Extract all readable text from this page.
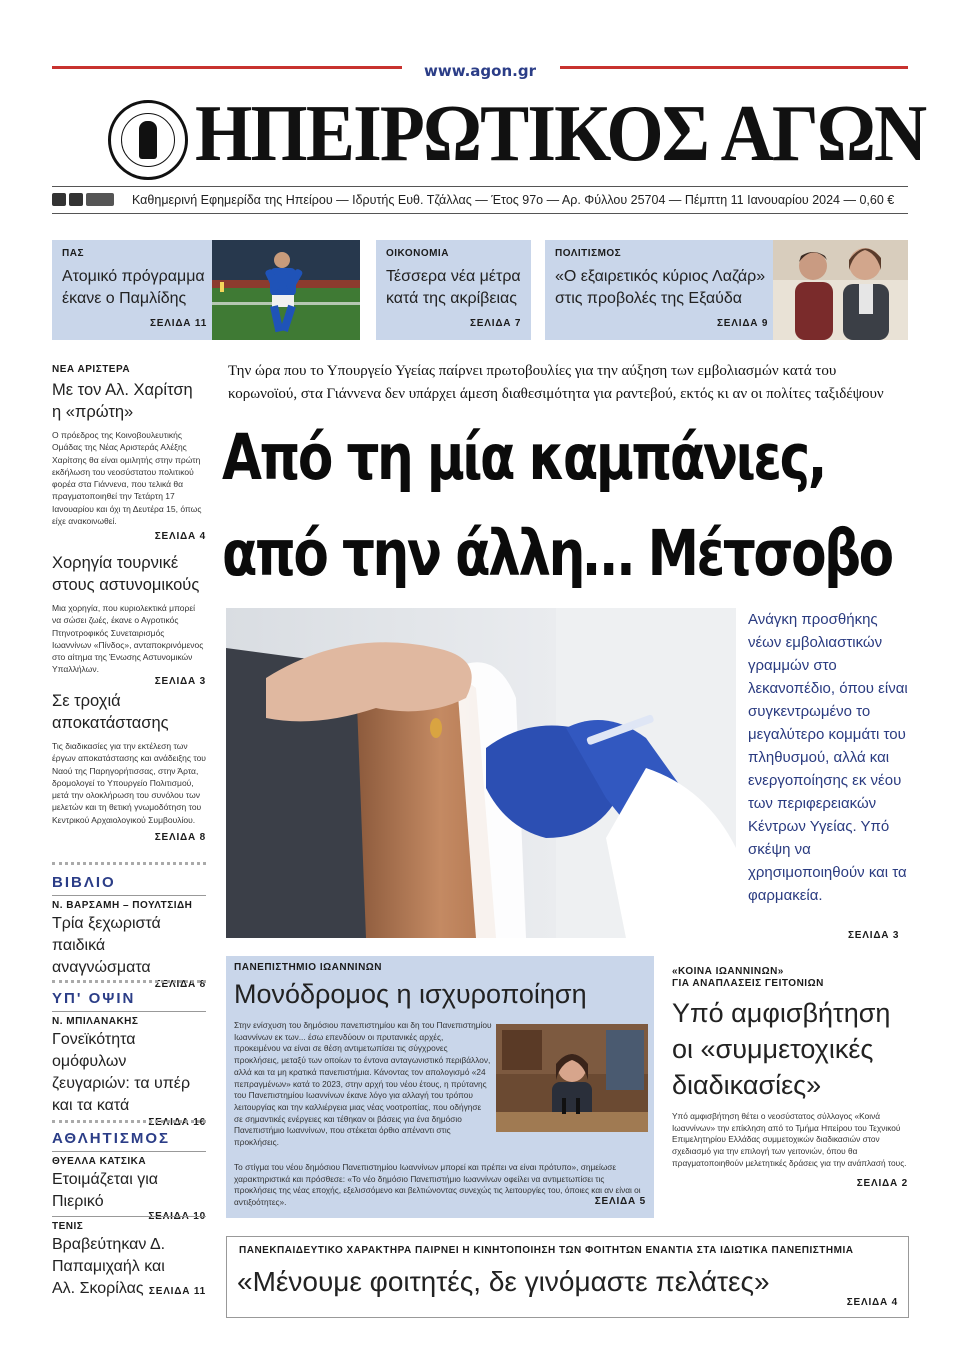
www.agon.gr
ΗΠΕΙΡΩΤΙΚΟΣ ΑΓΩΝ
Καθημερινή Εφημερίδα της Ηπείρου — Ιδρυτής Ευθ. Τζάλλας — Έτος 97ο — Αρ. Φύλλου 25704 — Πέμπτη 11 Ιανουαρίου 2024 — 0,60 €
ΠΑΣ
Ατομικό πρόγραμμα έκανε ο Παμλίδης
ΣΕΛΙΔΑ 11
ΟΙΚΟΝΟΜΙΑ
Τέσσερα νέα μέτρα κατά της ακρίβειας
ΣΕΛΙΔΑ 7
ΠΟΛΙΤΙΣΜΟΣ
«Ο εξαιρετικός κύριος Λαζάρ» στις προβολές της Εξαύδα
ΣΕΛΙΔΑ 9
ΝΕΑ ΑΡΙΣΤΕΡΑ
Με τον Αλ. Χαρίτση η «πρώτη»
Ο πρόεδρος της Κοινοβουλευτικής Ομάδας της Νέας Αριστεράς Αλέξης Χαρίτσης θα είναι ομιλητής στην πρώτη εκδήλωση του νεοσύστατου πολιτικού φορέα στα Γιάννενα, που τελικά θα πραγματοποιηθεί την Τετάρτη 17 Ιανουαρίου και όχι τη Δευτέρα 15, όπως είχε ανακοινωθεί.
ΣΕΛΙΔΑ 4
Χορηγία τουρνικέ στους αστυνομικούς
Μια χορηγία, που κυριολεκτικά μπορεί να σώσει ζωές, έκανε ο Αγροτικός Πτηνοτροφικός Συνεταιρισμός Ιωαννίνων «Πίνδος», ανταποκρινόμενος στο αίτημα της Ένωσης Αστυνομικών Υπαλλήλων.
ΣΕΛΙΔΑ 3
Σε τροχιά αποκατάστασης
Τις διαδικασίες για την εκτέλεση των έργων αποκατάστασης και ανάδειξης του Ναού της Παρηγορήτισσας, στην Άρτα, δρομολογεί το Υπουργείο Πολιτισμού, μετά την ολοκλήρωση του συνόλου των μελετών και τη θετική γνωμοδότηση του Κεντρικού Αρχαιολογικού Συμβουλίου.
ΣΕΛΙΔΑ 8
ΒΙΒΛΙΟ
Ν. ΒΑΡΣΑΜΗ – ΠΟΥΛΤΣΙΔΗ
Τρία ξεχωριστά παιδικά αναγνώσματα
ΣΕΛΙΔΑ 8
ΥΠ' ΟΨΙΝ
Ν. ΜΠΙΛΑΝΑΚΗΣ
Γονεϊκότητα ομόφυλων ζευγαριών: τα υπέρ και τα κατά
ΣΕΛΙΔΑ 16
ΑΘΛΗΤΙΣΜΟΣ
ΘΥΕΛΛΑ ΚΑΤΣΙΚΑ
Ετοιμάζεται για Πιερικό
ΣΕΛΙΔΑ 10
ΤΕΝΙΣ
Βραβεύτηκαν Δ. Παπαμιχαήλ και Αλ. Σκορίλας ΣΕΛΙΔΑ 11
Την ώρα που το Υπουργείο Υγείας παίρνει πρωτοβουλίες για την αύξηση των εμβολιασμών κατά του κορωνοϊού, στα Γιάννενα δεν υπάρχει άμεση διαθεσιμότητα για ραντεβού, εκτός κι αν οι πολίτες ταξιδέψουν
Από τη μία καμπάνιες,
από την άλλη… Μέτσοβο
Ανάγκη προσθήκης νέων εμβολιαστικών γραμμών στο λεκανοπέδιο, όπου είναι συγκεντρωμένο το μεγαλύτερο κομμάτι του πληθυσμού, αλλά και ενεργοποίησης εκ νέου των περιφερειακών Κέντρων Υγείας. Υπό σκέψη να χρησιμοποιηθούν και τα φαρμακεία.
ΣΕΛΙΔΑ 3
ΠΑΝΕΠΙΣΤΗΜΙΟ ΙΩΑΝΝΙΝΩΝ
Μονόδρομος η ισχυροποίηση
Στην ενίσχυση του δημόσιου πανεπιστημίου και δη του Πανεπιστημίου Ιωαννίνων εκ των... έσω επενδύουν οι πρυτανικές αρχές, προκειμένου να είναι σε θέση αντιμετωπίσει τις σύγχρονες προκλήσεις, μεταξύ των οποίων το έντονα ανταγωνιστικό περιβάλλον, αλλά και τα μη κρατικά πανεπιστήμια. Κάνοντας τον απολογισμό «24 πεπραγμένων» κατά το 2023, στην αρχή του νέου έτους, η πρύτανης του Πανεπιστημίου Ιωαννίνων έκανε λόγο για αλλαγή του τρόπου λειτουργίας και την καλλιέργεια μιας νέας νοοτροπίας, που οδήγησε σε σημαντικές ενέργειες και τέθηκαν οι βάσεις για ένα δημόσιο Πανεπιστήμιο Ιωαννίνων, που στέκεται όρθιο απέναντι στις προκλήσεις.
Το στίγμα του νέου δημόσιου Πανεπιστημίου Ιωαννίνων μπορεί και πρέπει να είναι πρότυπο», σημείωσε χαρακτηριστικά και πρόσθεσε: «Το νέο δημόσιο Πανεπιστήμιο Ιωαννίνων οφείλει να αντιμετωπίσει τις προκλήσεις της νέας εποχής, εξελισσόμενο και βελτιώνοντας συνεχώς τις λειτουργίες του, όποιες και αν είναι οι αντιξοότητες».	ΣΕΛΙΔΑ 5
«ΚΟΙΝΑ ΙΩΑΝΝΙΝΩΝ»
ΓΙΑ ΑΝΑΠΛΑΣΕΙΣ ΓΕΙΤΟΝΙΩΝ
Υπό αμφισβήτηση οι «συμμετοχικές διαδικασίες»
Υπό αμφισβήτηση θέτει ο νεοσύστατος σύλλογος «Κοινά Ιωαννίνων» την επίκληση από το Τμήμα Ηπείρου του Τεχνικού Επιμελητηρίου Ελλάδας συμμετοχικών διαδικασιών στον σχεδιασμό για την επιλογή των γειτονιών, όπου θα πραγματοποιηθούν μελετητικές δράσεις για την ανάπλασή τους.
ΣΕΛΙΔΑ 2
ΠΑΝΕΚΠΑΙΔΕΥΤΙΚΟ ΧΑΡΑΚΤΗΡΑ ΠΑΙΡΝΕΙ Η ΚΙΝΗΤΟΠΟΙΗΣΗ ΤΩΝ ΦΟΙΤΗΤΩΝ ΕΝΑΝΤΙΑ ΣΤΑ ΙΔΙΩΤΙΚΑ ΠΑΝΕΠΙΣΤΗΜΙΑ
«Μένουμε φοιτητές, δε γινόμαστε πελάτες»
ΣΕΛΙΔΑ 4
